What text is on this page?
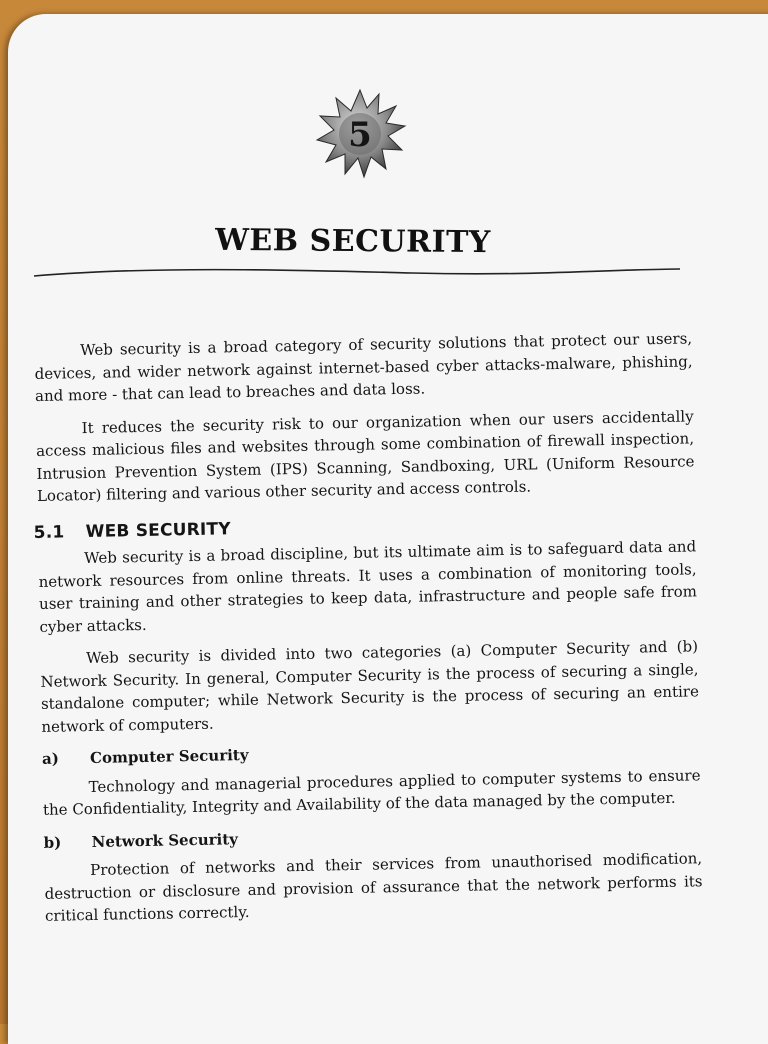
5
WEB SECURITY

Web security is a broad category of security solutions that protect our users, devices, and wider network against internet-based cyber attacks-malware, phishing, and more - that can lead to breaches and data loss.

It reduces the security risk to our organization when our users accidentally access malicious files and websites through some combination of firewall inspection, Intrusion Prevention System (IPS) Scanning, Sandboxing, URL (Uniform Resource Locator) filtering and various other security and access controls.

5.1 WEB SECURITY

Web security is a broad discipline, but its ultimate aim is to safeguard data and network resources from online threats. It uses a combination of monitoring tools, user training and other strategies to keep data, infrastructure and people safe from cyber attacks.

Web security is divided into two categories (a) Computer Security and (b) Network Security. In general, Computer Security is the process of securing a single, standalone computer; while Network Security is the process of securing an entire network of computers.

a) Computer Security

Technology and managerial procedures applied to computer systems to ensure the Confidentiality, Integrity and Availability of the data managed by the computer.

b) Network Security

Protection of networks and their services from unauthorised modification, destruction or disclosure and provision of assurance that the network performs its critical functions correctly.
